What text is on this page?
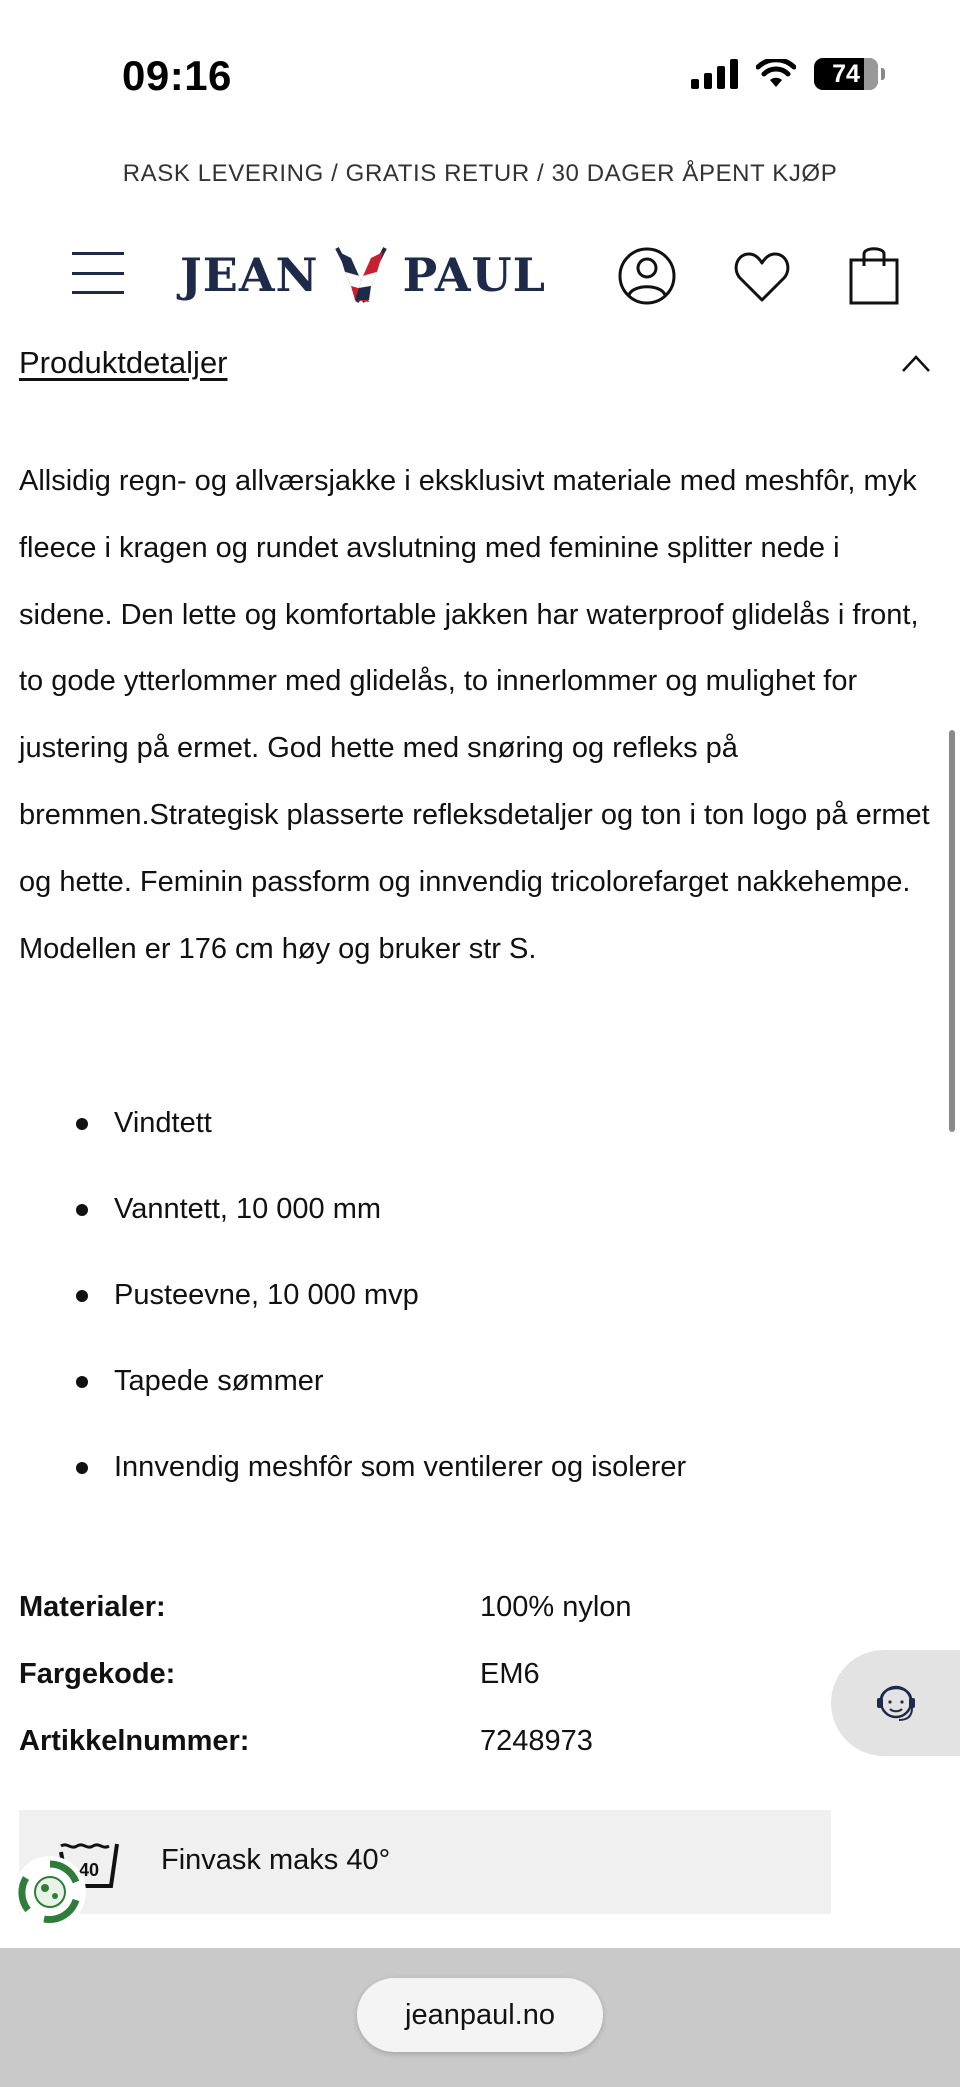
09:16	74
RASK LEVERING / GRATIS RETUR / 30 DAGER ÅPENT KJØP
JEAN PAUL
Produktdetaljer

Allsidig regn- og allværsjakke i eksklusivt materiale med meshfôr, myk fleece i kragen og rundet avslutning med feminine splitter nede i sidene. Den lette og komfortable jakken har waterproof glidelås i front, to gode ytterlommer med glidelås, to innerlommer og mulighet for justering på ermet. God hette med snøring og refleks på bremmen.Strategisk plasserte refleksdetaljer og ton i ton logo på ermet og hette. Feminin passform og innvendig tricolorefarget nakkehempe. Modellen er 176 cm høy og bruker str S.

Vindtett
Vanntett, 10 000 mm
Pusteevne, 10 000 mvp
Tapede sømmer
Innvendig meshfôr som ventilerer og isolerer
Materialer:	100% nylon
Fargekode:	EM6
Artikkelnummer:	7248973
40 Finvask maks 40°
jeanpaul.no
